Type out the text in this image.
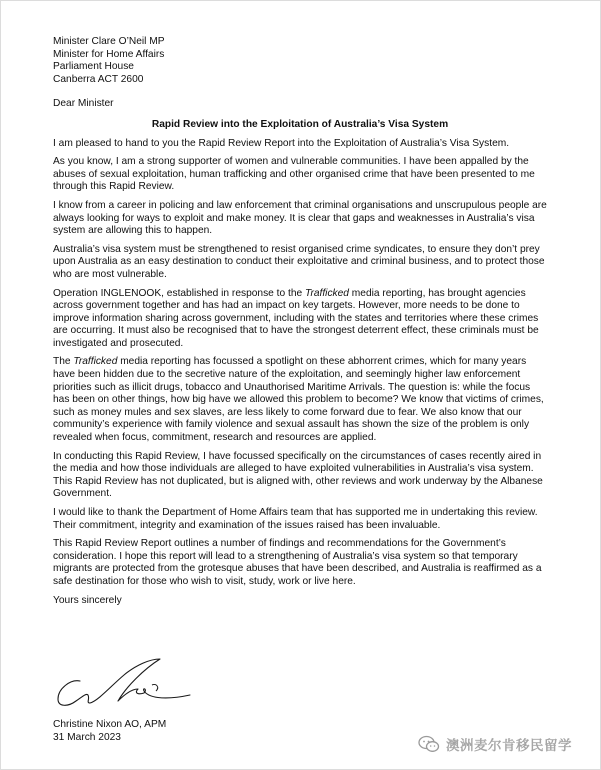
Minister Clare O’Neil MP
Minister for Home Affairs
Parliament House
Canberra ACT 2600
Dear Minister
Rapid Review into the Exploitation of Australia’s Visa System
I am pleased to hand to you the Rapid Review Report into the Exploitation of Australia’s Visa System.
As you know, I am a strong supporter of women and vulnerable communities. I have been appalled by the abuses of sexual exploitation, human trafficking and other organised crime that have been presented to me through this Rapid Review.
I know from a career in policing and law enforcement that criminal organisations and unscrupulous people are always looking for ways to exploit and make money. It is clear that gaps and weaknesses in Australia’s visa system are allowing this to happen.
Australia’s visa system must be strengthened to resist organised crime syndicates, to ensure they don’t prey upon Australia as an easy destination to conduct their exploitative and criminal business, and to protect those who are most vulnerable.
Operation INGLENOOK, established in response to the Trafficked media reporting, has brought agencies across government together and has had an impact on key targets. However, more needs to be done to improve information sharing across government, including with the states and territories where these crimes are occurring. It must also be recognised that to have the strongest deterrent effect, these criminals must be investigated and prosecuted.
The Trafficked media reporting has focussed a spotlight on these abhorrent crimes, which for many years have been hidden due to the secretive nature of the exploitation, and seemingly higher law enforcement priorities such as illicit drugs, tobacco and Unauthorised Maritime Arrivals. The question is: while the focus has been on other things, how big have we allowed this problem to become? We know that victims of crimes, such as money mules and sex slaves, are less likely to come forward due to fear. We also know that our community’s experience with family violence and sexual assault has shown the size of the problem is only revealed when focus, commitment, research and resources are applied.
In conducting this Rapid Review, I have focussed specifically on the circumstances of cases recently aired in the media and how those individuals are alleged to have exploited vulnerabilities in Australia’s visa system. This Rapid Review has not duplicated, but is aligned with, other reviews and work underway by the Albanese Government.
I would like to thank the Department of Home Affairs team that has supported me in undertaking this review. Their commitment, integrity and examination of the issues raised has been invaluable.
This Rapid Review Report outlines a number of findings and recommendations for the Government’s consideration. I hope this report will lead to a strengthening of Australia’s visa system so that temporary migrants are protected from the grotesque abuses that have been described, and Australia is reaffirmed as a safe destination for those who wish to visit, study, work or live here.
Yours sincerely
Christine Nixon AO, APM
31 March 2023
澳洲麦尔肯移民留学
